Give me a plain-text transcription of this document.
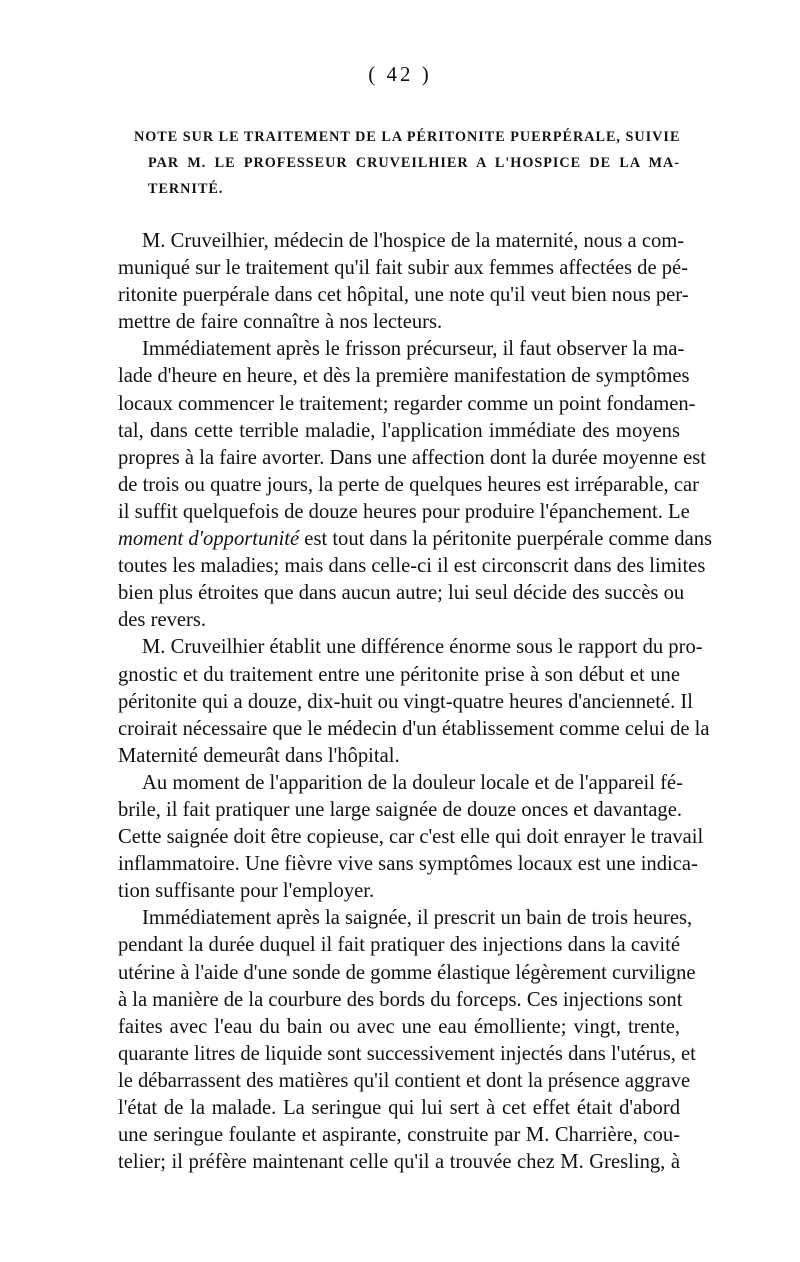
( 42 )
NOTE SUR LE TRAITEMENT DE LA PÉRITONITE PUERPÉRALE, SUIVIE
PAR M. LE PROFESSEUR CRUVEILHIER A L'HOSPICE DE LA MA-
TERNITÉ.

M. Cruveilhier, médecin de l'hospice de la maternité, nous a com-
muniqué sur le traitement qu'il fait subir aux femmes affectées de pé-
ritonite puerpérale dans cet hôpital, une note qu'il veut bien nous per-
mettre de faire connaître à nos lecteurs.

Immédiatement après le frisson précurseur, il faut observer la ma-
lade d'heure en heure, et dès la première manifestation de symptômes
locaux commencer le traitement; regarder comme un point fondamen-
tal, dans cette terrible maladie, l'application immédiate des moyens
propres à la faire avorter. Dans une affection dont la durée moyenne est
de trois ou quatre jours, la perte de quelques heures est irréparable, car
il suffit quelquefois de douze heures pour produire l'épanchement. Le
moment d'opportunité est tout dans la péritonite puerpérale comme dans
toutes les maladies; mais dans celle-ci il est circonscrit dans des limites
bien plus étroites que dans aucun autre; lui seul décide des succès ou
des revers.

M. Cruveilhier établit une différence énorme sous le rapport du pro-
gnostic et du traitement entre une péritonite prise à son début et une
péritonite qui a douze, dix-huit ou vingt-quatre heures d'ancienneté. Il
croirait nécessaire que le médecin d'un établissement comme celui de la
Maternité demeurât dans l'hôpital.

Au moment de l'apparition de la douleur locale et de l'appareil fé-
brile, il fait pratiquer une large saignée de douze onces et davantage.
Cette saignée doit être copieuse, car c'est elle qui doit enrayer le travail
inflammatoire. Une fièvre vive sans symptômes locaux est une indica-
tion suffisante pour l'employer.

Immédiatement après la saignée, il prescrit un bain de trois heures,
pendant la durée duquel il fait pratiquer des injections dans la cavité
utérine à l'aide d'une sonde de gomme élastique légèrement curviligne
à la manière de la courbure des bords du forceps. Ces injections sont
faites avec l'eau du bain ou avec une eau émolliente; vingt, trente,
quarante litres de liquide sont successivement injectés dans l'utérus, et
le débarrassent des matières qu'il contient et dont la présence aggrave
l'état de la malade. La seringue qui lui sert à cet effet était d'abord
une seringue foulante et aspirante, construite par M. Charrière, cou-
telier; il préfère maintenant celle qu'il a trouvée chez M. Gresling, à
